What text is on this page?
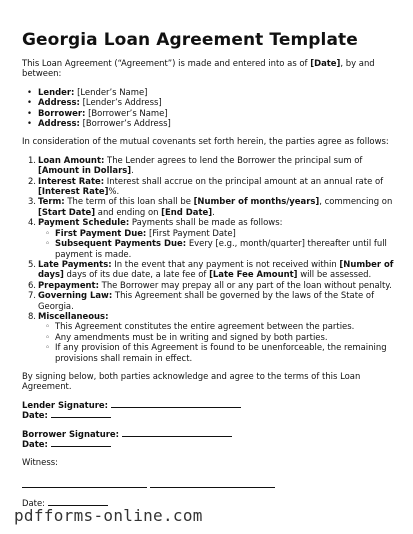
Georgia Loan Agreement Template

This Loan Agreement (“Agreement”) is made and entered into as of [Date], by and between:

• Lender: [Lender’s Name]
• Address: [Lender’s Address]
• Borrower: [Borrower’s Name]
• Address: [Borrower’s Address]

In consideration of the mutual covenants set forth herein, the parties agree as follows:

1. Loan Amount: The Lender agrees to lend the Borrower the principal sum of [Amount in Dollars].
2. Interest Rate: Interest shall accrue on the principal amount at an annual rate of [Interest Rate]%.
3. Term: The term of this loan shall be [Number of months/years], commencing on [Start Date] and ending on [End Date].
4. Payment Schedule: Payments shall be made as follows:
◦ First Payment Due: [First Payment Date]
◦ Subsequent Payments Due: Every [e.g., month/quarter] thereafter until full payment is made.
5. Late Payments: In the event that any payment is not received within [Number of days] days of its due date, a late fee of [Late Fee Amount] will be assessed.
6. Prepayment: The Borrower may prepay all or any part of the loan without penalty.
7. Governing Law: This Agreement shall be governed by the laws of the State of Georgia.
8. Miscellaneous:
◦ This Agreement constitutes the entire agreement between the parties.
◦ Any amendments must be in writing and signed by both parties.
◦ If any provision of this Agreement is found to be unenforceable, the remaining provisions shall remain in effect.

By signing below, both parties acknowledge and agree to the terms of this Loan Agreement.

Lender Signature:
Date:
Borrower Signature:
Date:
Witness:

Date:
pdfforms-online.com
